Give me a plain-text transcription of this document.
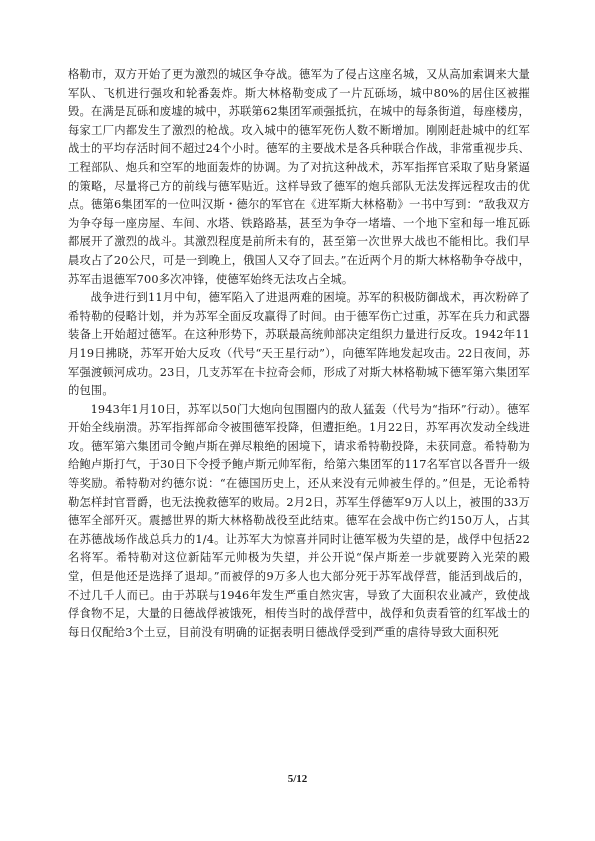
格勒市，双方开始了更为激烈的城区争夺战。德军为了侵占这座名城，又从高加索调来大量军队、飞机进行强攻和轮番轰炸。斯大林格勒变成了一片瓦砾场，城中80%的居住区被摧毁。在满是瓦砾和废墟的城中，苏联第62集团军顽强抵抗，在城中的每条街道，每座楼房，每家工厂内都发生了激烈的枪战。攻入城中的德军死伤人数不断增加。刚刚赶赴城中的红军战士的平均存活时间不超过24个小时。德军的主要战术是各兵种联合作战，非常重视步兵、工程部队、炮兵和空军的地面轰炸的协调。为了对抗这种战术，苏军指挥官采取了贴身紧逼的策略，尽量将己方的前线与德军贴近。这样导致了德军的炮兵部队无法发挥远程攻击的优点。德第6集团军的一位叫汉斯・德尔的军官在《进军斯大林格勒》一书中写到：“敌我双方为争夺每一座房屋、车间、水塔、铁路路基，甚至为争夺一堵墙、一个地下室和每一堆瓦砾都展开了激烈的战斗。其激烈程度是前所未有的，甚至第一次世界大战也不能相比。我们早晨攻占了20公尺，可是一到晚上，俄国人又夺了回去。”在近两个月的斯大林格勒争夺战中，苏军击退德军700多次冲锋，使德军始终无法攻占全城。

战争进行到11月中旬，德军陷入了进退两难的困境。苏军的积极防御战术，再次粉碎了希特勒的侵略计划，并为苏军全面反攻赢得了时间。由于德军伤亡过重，苏军在兵力和武器装备上开始超过德军。在这种形势下，苏联最高统帅部决定组织力量进行反攻。1942年11月19日拂晓，苏军开始大反攻（代号“天王星行动”），向德军阵地发起攻击。22日夜间，苏军强渡顿河成功。23日，几支苏军在卡拉奇会师，形成了对斯大林格勒城下德军第六集团军的包围。

1943年1月10日，苏军以50门大炮向包围圈内的敌人猛轰（代号为“指环”行动）。德军开始全线崩溃。苏军指挥部命令被围德军投降，但遭拒绝。1月22日，苏军再次发动全线进攻。德军第六集团司令鲍卢斯在弹尽粮绝的困境下，请求希特勒投降，未获同意。希特勒为给鲍卢斯打气，于30日下令授予鲍卢斯元帅军衔，给第六集团军的117名军官以各晋升一级等奖励。希特勒对约德尔说：“在德国历史上，还从来没有元帅被生俘的。”但是，无论希特勒怎样封官晋爵，也无法挽救德军的败局。2月2日，苏军生俘德军9万人以上，被围的33万德军全部歼灭。震撼世界的斯大林格勒战役至此结束。德军在会战中伤亡约150万人，占其在苏德战场作战总兵力的1/4。让苏军大为惊喜并同时让德军极为失望的是，战俘中包括22名将军。希特勒对这位新陆军元帅极为失望，并公开说“保卢斯差一步就要跨入光荣的殿堂，但是他还是选择了退却。”而被俘的9万多人也大部分死于苏军战俘营，能活到战后的，不过几千人而已。由于苏联与1946年发生严重自然灾害，导致了大面积农业减产，致使战俘食物不足，大量的日德战俘被饿死，相传当时的战俘营中，战俘和负责看管的红军战士的每日仅配给3个土豆，目前没有明确的证据表明日德战俘受到严重的虐待导致大面积死

5/12
